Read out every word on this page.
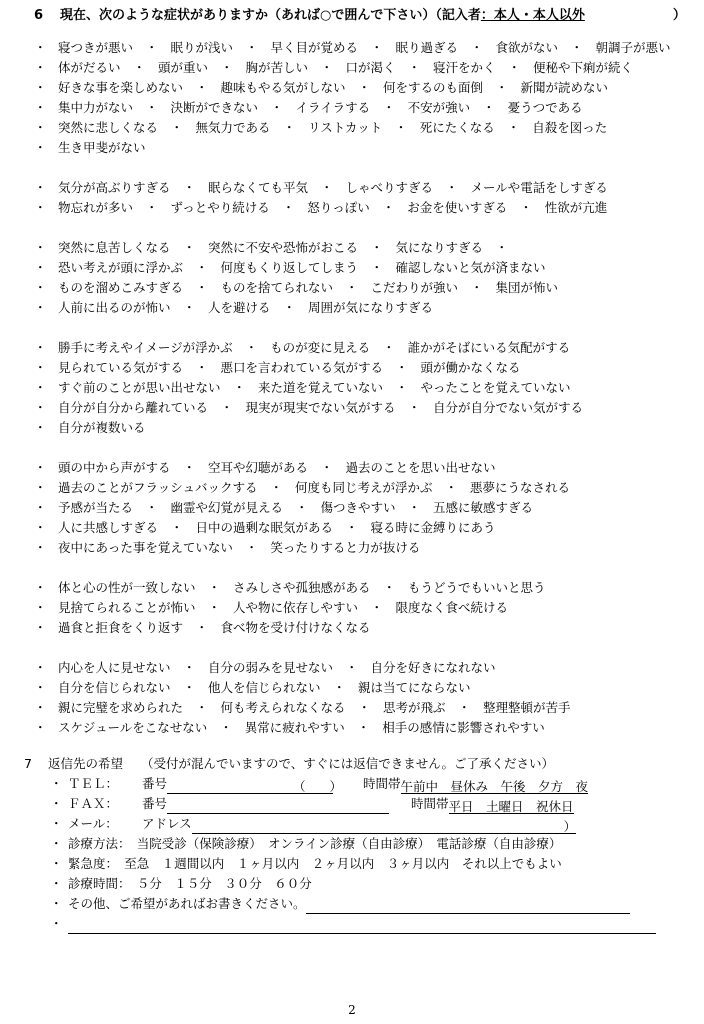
6 現在、次のような症状がありますか（あれば○で囲んで下さい）（記入者：本人・本人以外	）
・ 寝つきが悪い　・　眠りが浅い　・　早く目が覚める　・　眠り過ぎる　・　食欲がない　・　朝調子が悪い
・ 体がだるい　・　頭が重い　・　胸が苦しい　・　口が渇く　・　寝汗をかく　・　便秘や下痢が続く
・ 好きな事を楽しめない　・　趣味もやる気がしない　・　何をするのも面倒　・　新聞が読めない
・ 集中力がない　・　決断ができない　・　イライラする　・　不安が強い　・　憂うつである
・ 突然に悲しくなる　・　無気力である　・　リストカット　・　死にたくなる　・　自殺を図った
・ 生き甲斐がない
・ 気分が高ぶりすぎる　・　眠らなくても平気　・　しゃべりすぎる　・　メールや電話をしすぎる
・ 物忘れが多い　・　ずっとやり続ける　・　怒りっぽい　・　お金を使いすぎる　・　性欲が亢進
・ 突然に息苦しくなる　・　突然に不安や恐怖がおこる　・　気になりすぎる　・
・ 恐い考えが頭に浮かぶ　・　何度もくり返してしまう　・　確認しないと気が済まない
・ ものを溜めこみすぎる　・　ものを捨てられない　・　こだわりが強い　・　集団が怖い
・ 人前に出るのが怖い　・　人を避ける　・　周囲が気になりすぎる
・ 勝手に考えやイメージが浮かぶ　・　ものが変に見える　・　誰かがそばにいる気配がする
・ 見られている気がする　・　悪口を言われている気がする　・　頭が働かなくなる
・ すぐ前のことが思い出せない　・　来た道を覚えていない　・　やったことを覚えていない
・ 自分が自分から離れている　・　現実が現実でない気がする　・　自分が自分でない気がする
・ 自分が複数いる
・ 頭の中から声がする　・　空耳や幻聴がある　・　過去のことを思い出せない
・ 過去のことがフラッシュバックする　・　何度も同じ考えが浮かぶ　・　悪夢にうなされる
・ 予感が当たる　・　幽霊や幻覚が見える　・　傷つきやすい　・　五感に敏感すぎる
・ 人に共感しすぎる　・　日中の過剰な眠気がある　・　寝る時に金縛りにあう
・ 夜中にあった事を覚えていない　・　笑ったりすると力が抜ける
・ 体と心の性が一致しない　・　さみしさや孤独感がある　・　もうどうでもいいと思う
・ 見捨てられることが怖い　・　人や物に依存しやすい　・　限度なく食べ続ける
・ 過食と拒食をくり返す　・　食べ物を受け付けなくなる
・ 内心を人に見せない　・　自分の弱みを見せない　・　自分を好きになれない
・ 自分を信じられない　・　他人を信じられない　・　親は当てにならない
・ 親に完璧を求められた　・　何も考えられなくなる　・　思考が飛ぶ　・　整理整頓が苦手
・ スケジュールをこなせない　・　異常に疲れやすい　・　相手の感情に影響されやすい
7 返信先の希望 （受付が混んでいますので、すぐには返信できません。ご了承ください）
・ ＴＥＬ： 番号	（ ） 時間帯午前中　昼休み　午後　夕方　夜
・ ＦＡＸ： 番号	時間帯平日　土曜日　祝休日
・ メール： アドレス	）
・ 診療方法：　当院受診（保険診療）　オンライン診療（自由診療）　電話診療（自由診療）
・ 緊急度：　至急　１週間以内　１ヶ月以内　２ヶ月以内　３ヶ月以内　それ以上でもよい
・ 診療時間：　５分　１５分　３０分　６０分
・ その他、ご希望があればお書きください。
・
2
